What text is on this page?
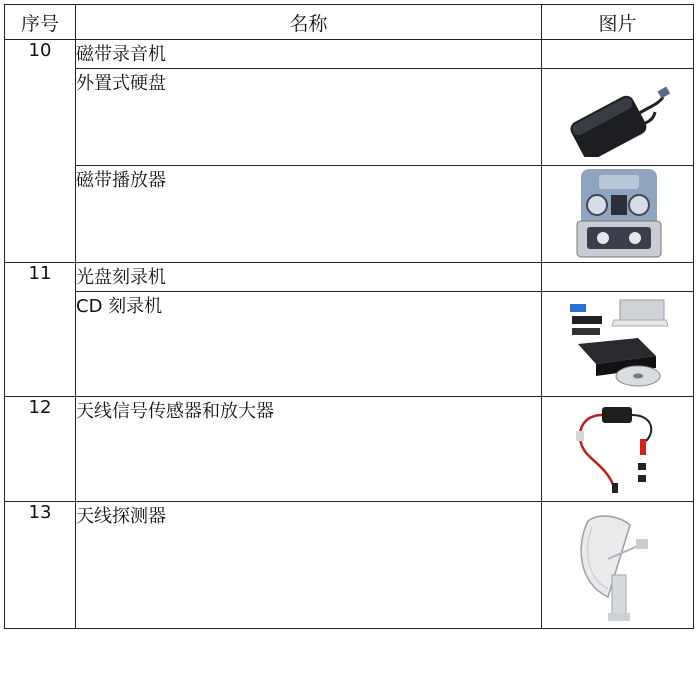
序号	名称	图片
10	磁带录音机	
	外置式硬盘	

	磁带播放器	

11	光盘刻录机	
	CD 刻录机	

12	天线信号传感器和放大器	

13	天线探测器	
